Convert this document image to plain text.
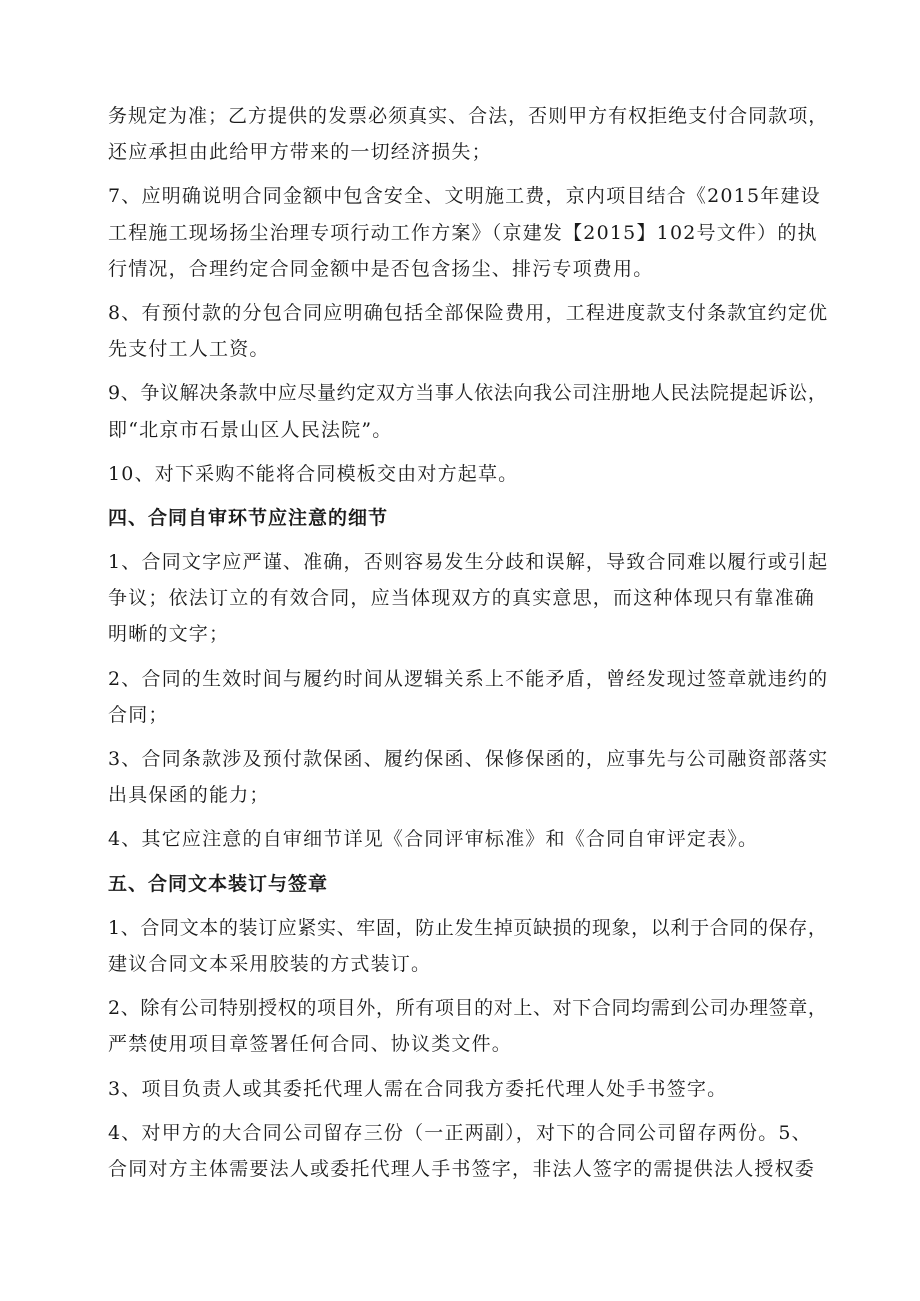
务规定为准；乙方提供的发票必须真实、合法，否则甲方有权拒绝支付合同款项，
还应承担由此给甲方带来的一切经济损失；
7、应明确说明合同金额中包含安全、文明施工费，京内项目结合《2015年建设
工程施工现场扬尘治理专项行动工作方案》（京建发【2015】102号文件）的执
行情况，合理约定合同金额中是否包含扬尘、排污专项费用。
8、有预付款的分包合同应明确包括全部保险费用，工程进度款支付条款宜约定优
先支付工人工资。
9、争议解决条款中应尽量约定双方当事人依法向我公司注册地人民法院提起诉讼，
即“北京市石景山区人民法院”。
10、对下采购不能将合同模板交由对方起草。
四、合同自审环节应注意的细节
1、合同文字应严谨、准确，否则容易发生分歧和误解，导致合同难以履行或引起
争议；依法订立的有效合同，应当体现双方的真实意思，而这种体现只有靠准确
明晰的文字；
2、合同的生效时间与履约时间从逻辑关系上不能矛盾，曾经发现过签章就违约的
合同；
3、合同条款涉及预付款保函、履约保函、保修保函的，应事先与公司融资部落实
出具保函的能力；
4、其它应注意的自审细节详见《合同评审标准》和《合同自审评定表》。
五、合同文本装订与签章
1、合同文本的装订应紧实、牢固，防止发生掉页缺损的现象，以利于合同的保存，
建议合同文本采用胶装的方式装订。
2、除有公司特别授权的项目外，所有项目的对上、对下合同均需到公司办理签章，
严禁使用项目章签署任何合同、协议类文件。
3、项目负责人或其委托代理人需在合同我方委托代理人处手书签字。
4、对甲方的大合同公司留存三份（一正两副），对下的合同公司留存两份。5、
合同对方主体需要法人或委托代理人手书签字，非法人签字的需提供法人授权委
